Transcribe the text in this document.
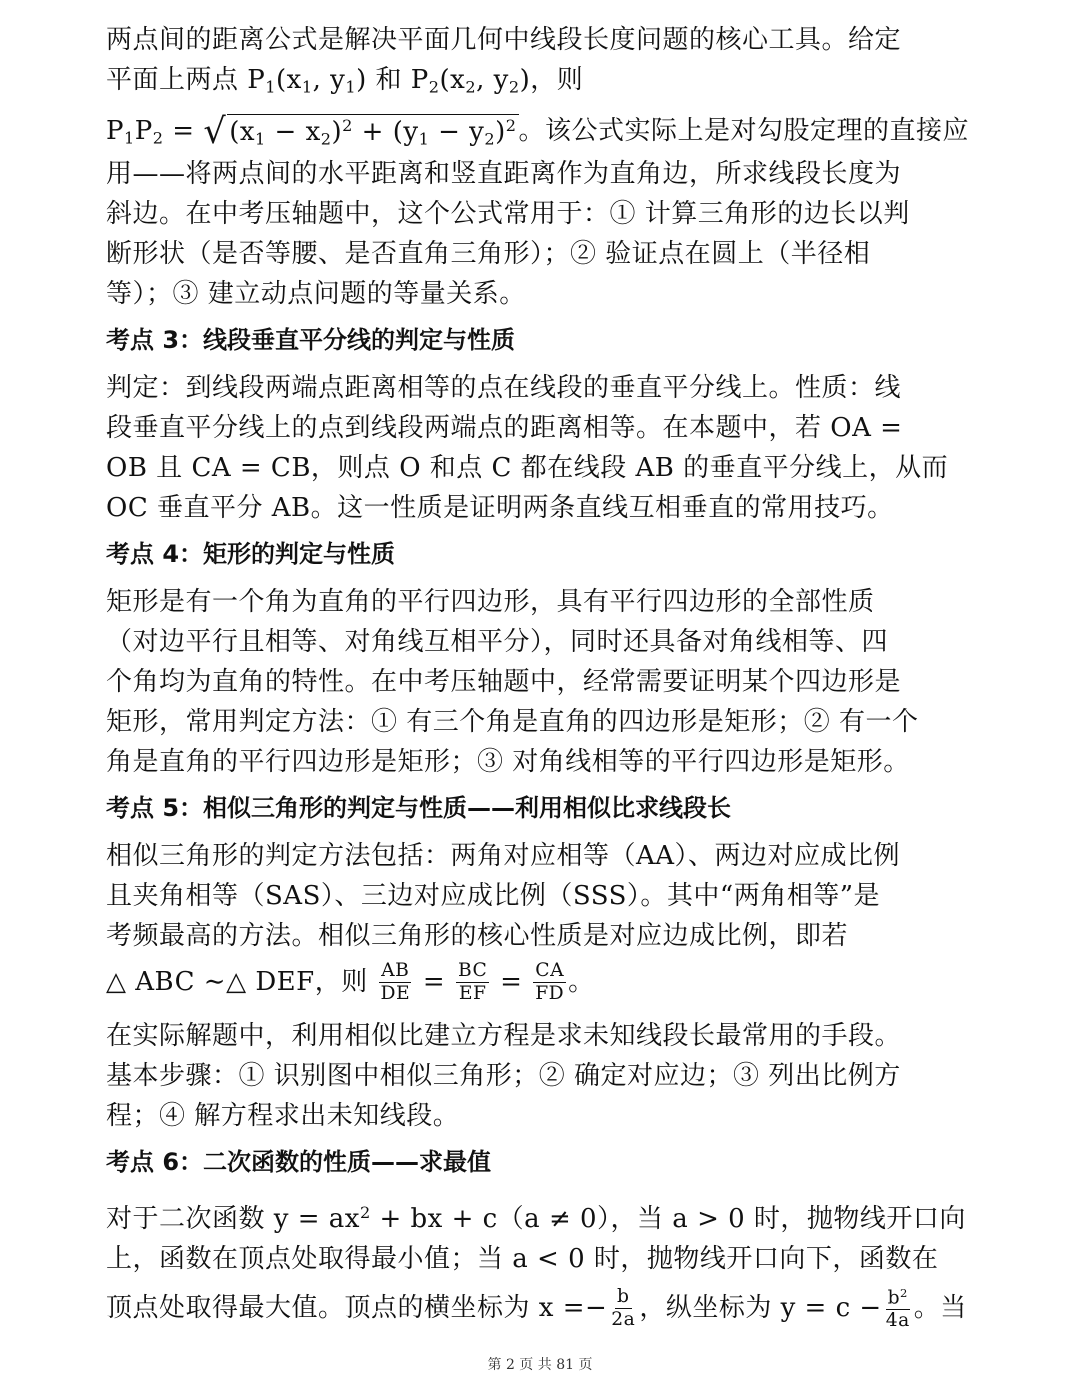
两点间的距离公式是解决平面几何中线段长度问题的核心工具。给定
平面上两点 $P_1(x_1$, $y_1$) 和 $P_2(x_2$, $y_2$)，则
$P_1P_2$ = √ $(x_1 - x_2)^2 + (y_1 - y_2)^2$ 。该公式实际上是对勾股定理的直接应
用——将两点间的水平距离和竖直距离作为直角边，所求线段长度为
斜边。在中考压轴题中，这个公式常用于：① 计算三角形的边长以判
断形状（是否等腰、是否直角三角形）；② 验证点在圆上（半径相
等）；③ 建立动点问题的等量关系。
考点 3：线段垂直平分线的判定与性质
判定：到线段两端点距离相等的点在线段的垂直平分线上。性质：线
段垂直平分线上的点到线段两端点的距离相等。在本题中，若 OA =
OB 且 CA = CB，则点 O 和点 C 都在线段 AB 的垂直平分线上，从而
OC 垂直平分 AB。这一性质是证明两条直线互相垂直的常用技巧。
考点 4：矩形的判定与性质
矩形是有一个角为直角的平行四边形，具有平行四边形的全部性质
（对边平行且相等、对角线互相平分），同时还具备对角线相等、四
个角均为直角的特性。在中考压轴题中，经常需要证明某个四边形是
矩形，常用判定方法：① 有三个角是直角的四边形是矩形；② 有一个
角是直角的平行四边形是矩形；③ 对角线相等的平行四边形是矩形。
考点 5：相似三角形的判定与性质——利用相似比求线段长
相似三角形的判定方法包括：两角对应相等（AA）、两边对应成比例
且夹角相等（SAS）、三边对应成比例（SSS）。其中“两角相等”是
考频最高的方法。相似三角形的核心性质是对应边成比例，即若
△ ABC ∼△ DEF，则 $\frac{AB}{DE} = \frac{BC}{EF} = \frac{CA}{FD}$ 。
在实际解题中，利用相似比建立方程是求未知线段长最常用的手段。
基本步骤：① 识别图中相似三角形；② 确定对应边；③ 列出比例方
程；④ 解方程求出未知线段。
考点 6：二次函数的性质——求最值
对于二次函数 $y = ax^2$ + bx + c（a ≠ 0），当 a > 0 时，抛物线开口向
上，函数在顶点处取得最小值；当 a < 0 时，抛物线开口向下，函数在
顶点处取得最大值。顶点的横坐标为 $x =- \frac{b}{2a}$ ，纵坐标为 $y = c - \frac{b^2}{4a}$ 。当
第 2 页 共 81 页
